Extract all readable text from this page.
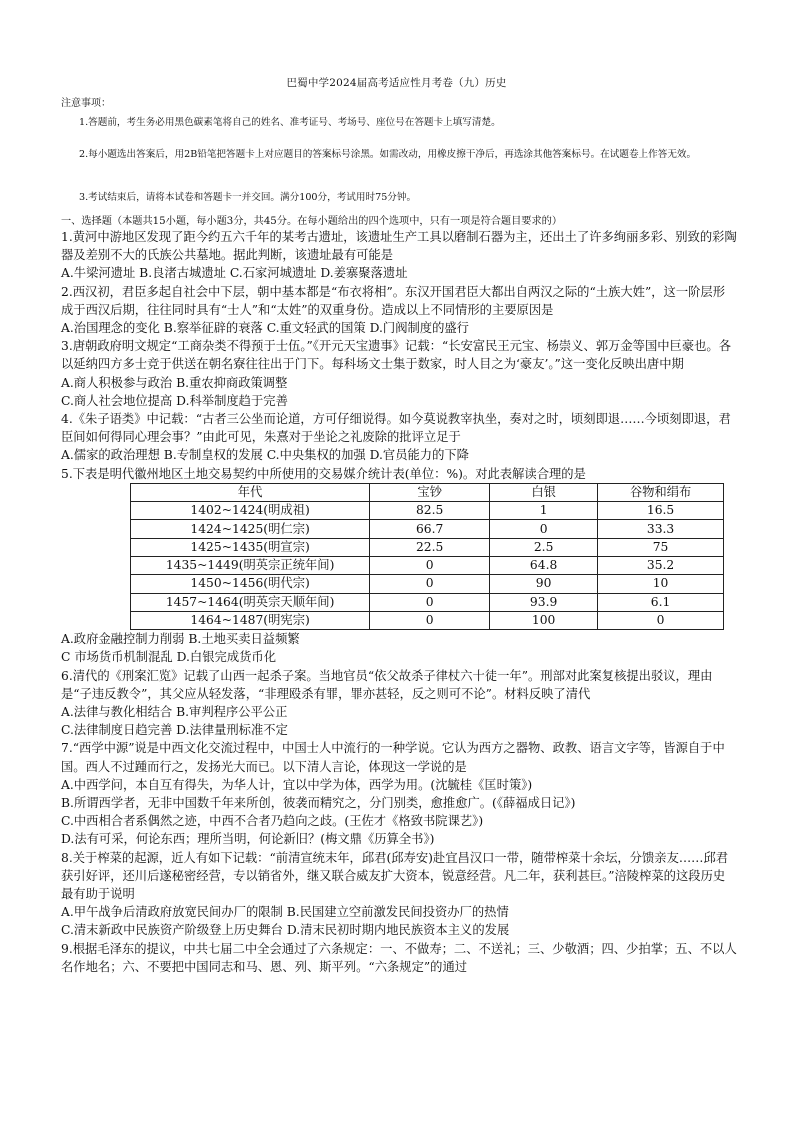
巴蜀中学2024届高考适应性月考卷（九）历史
注意事项：
1.答题前，考生务必用黑色碳素笔将自己的姓名、准考证号、考场号、座位号在答题卡上填写清楚。
2.每小题选出答案后，用2B铅笔把答题卡上对应题目的答案标号涂黑。如需改动，用橡皮擦干净后，再选涂其他答案标号。在试题卷上作答无效。
3.考试结束后，请将本试卷和答题卡一并交回。满分100分，考试用时75分钟。
一、选择题（本题共15小题，每小题3分，共45分。在每小题给出的四个选项中，只有一项是符合题目要求的）

1.黄河中游地区发现了距今约五六千年的某考古遗址，该遗址生产工具以磨制石器为主，还出土了许多绚丽多彩、别致的彩陶器及差别不大的氏族公共墓地。据此判断，该遗址最有可能是

A.牛梁河遗址 B.良渚古城遗址 C.石家河城遗址 D.姜寨聚落遗址

2.西汉初，君臣多起自社会中下层，朝中基本都是“布衣将相”。东汉开国君臣大都出自两汉之际的“土族大姓”，这一阶层形成于西汉后期，往往同时具有“士人”和“太姓”的双重身份。造成以上不同情形的主要原因是

A.治国理念的变化 B.察举征辟的衰落 C.重文轻武的国策 D.门阀制度的盛行

3.唐朝政府明文规定“工商杂类不得预于士伍。”《开元天宝遗事》记载：“长安富民王元宝、杨崇义、郭万金等国中巨豪也。各以延纳四方多士竞于供送在朝名寮往往出于门下。每科场文士集于数家，时人目之为‘豪友’。”这一变化反映出唐中期

A.商人积极参与政治 B.重农抑商政策调整

C.商人社会地位提高 D.科举制度趋于完善

4.《朱子语类》中记载：“古者三公坐而论道，方可仔细说得。如今莫说教宰执坐，奏对之时，顷刻即退……今顷刻即退，君臣间如何得同心理会事？”由此可见，朱熹对于坐论之礼废除的批评立足于

A.儒家的政治理想 B.专制皇权的发展 C.中央集权的加强 D.官员能力的下降

5.下表是明代徽州地区土地交易契约中所使用的交易媒介统计表(单位：%)。对此表解读合理的是

年代	宝钞	白银	谷物和绢布
1402~1424(明成祖)	82.5	1	16.5
1424~1425(明仁宗)	66.7	0	33.3
1425~1435(明宣宗)	22.5	2.5	75
1435~1449(明英宗正统年间)	0	64.8	35.2
1450~1456(明代宗)	0	90	10
1457~1464(明英宗天顺年间)	0	93.9	6.1
1464~1487(明宪宗)	0	100	0

A.政府金融控制力削弱 B.土地买卖日益频繁

C 市场货币机制混乱 D.白银完成货币化

6.清代的《刑案汇览》记载了山西一起杀子案。当地官员“依父故杀子律杖六十徒一年”。刑部对此案复核提出驳议，理由是“子违反教令”，其父应从轻发落，“非理殴杀有罪，罪亦甚轻，反之则可不论”。材料反映了清代

A.法律与教化相结合 B.审判程序公平公正

C.法律制度日趋完善 D.法律量刑标准不定

7.“西学中源”说是中西文化交流过程中，中国士人中流行的一种学说。它认为西方之器物、政教、语言文字等，皆源自于中国。西人不过踵而行之，发扬光大而已。以下清人言论，体现这一学说的是

A.中西学问，本自互有得失，为华人计，宜以中学为体，西学为用。(沈毓桂《匡时策》)

B.所谓西学者，无非中国数千年来所创，彼袭而精究之，分门别类，愈推愈广。(《薛福成日记》)

C.中西相合者系偶然之迹，中西不合者乃趋向之歧。(王佐才《格致书院课艺》)

D.法有可采，何论东西；理所当明，何论新旧？(梅文鼎《历算全书》)

8.关于榨菜的起源，近人有如下记载：“前清宣统末年，邱君(邱寿安)赴宜昌汉口一带，随带榨菜十余坛，分馈亲友……邱君获引好评，还川后遂秘密经营，专以销省外，继又联合威友扩大资本，锐意经营。凡二年，获利甚巨。”涪陵榨菜的这段历史最有助于说明

A.甲午战争后清政府放宽民间办厂的限制 B.民国建立空前激发民间投资办厂的热情

C.清末新政中民族资产阶级登上历史舞台 D.清末民初时期内地民族资本主义的发展

9.根据毛泽东的提议，中共七届二中全会通过了六条规定：一、不做寿；二、不送礼；三、少敬酒；四、少拍掌；五、不以人名作地名；六、不要把中国同志和马、恩、列、斯平列。“六条规定”的通过
